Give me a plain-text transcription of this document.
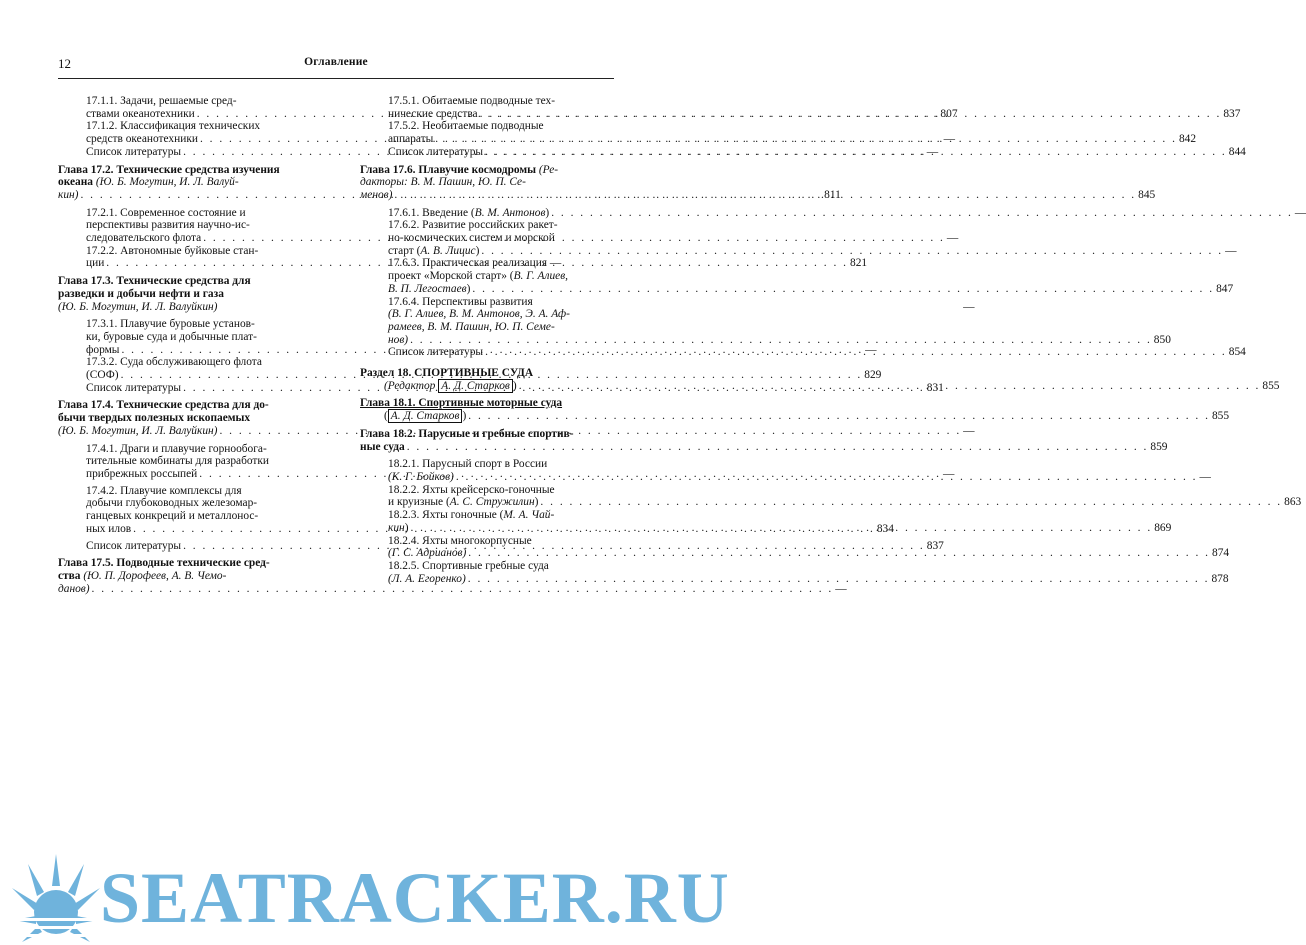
12	Оглавление
17.1.1. Задачи, решаемые сред-
ствами океанотехники . . .	807
17.1.2. Классификация технических
средств океанотехники . . .	—
Список литературы . . .	—
Глава 17.2. Технические средства изучения
океана (Ю. Б. Могутин, И. Л. Валуй-
кин) . . .	811
17.2.1. Современное состояние и
перспективы развития научно-ис-
следовательского флота . . .	—
17.2.2. Автономные буйковые стан-
ции . . .	821
Глава 17.3. Технические средства для
разведки и добычи нефти и газа
(Ю. Б. Могутин, И. Л. Валуйкин)	—
17.3.1. Плавучие буровые установ-
ки, буровые суда и добычные плат-
формы . . .	—
17.3.2. Суда обслуживающего флота
(СОФ) . . .	829
Список литературы . . .	831
Глава 17.4. Технические средства для до-
бычи твердых полезных ископаемых
(Ю. Б. Могутин, И. Л. Валуйкин) . . .	—
17.4.1. Драги и плавучие горнообога-
тительные комбинаты для разработки
прибрежных россыпей . . .	—
17.4.2. Плавучие комплексы для
добычи глубоководных железомар-
ганцевых конкреций и металлонос-
ных илов . . .	834
Список литературы . . .	837
Глава 17.5. Подводные технические сред-
ства (Ю. П. Дорофеев, А. В. Чемо-
данов) . . .	—
17.5.1. Обитаемые подводные тех-
нические средства . . .	837
17.5.2. Необитаемые подводные
аппараты . . .	842
Список литературы . . .	844
Глава 17.6. Плавучие космодромы (Ре-
дакторы: В. М. Пашин, Ю. П. Се-
менов) . . .	845
17.6.1. Введение (В. М. Антонов) . . .	—
17.6.2. Развитие российских ракет-
но-космических систем и морской
старт (А. В. Лицис) . . .	—
17.6.3. Практическая реализация —
проект «Морской старт» (В. Г. Алиев,
В. П. Легостаев) . . .	847
17.6.4. Перспективы развития
(В. Г. Алиев, В. М. Антонов, Э. А. Аф-
рамеев, В. М. Пашин, Ю. П. Семе-
нов) . . .	850
Список литературы . . .	854
Раздел 18. СПОРТИВНЫЕ СУДА
(Редактор А. Д. Старков ) . . .	855
Глава 18.1. Спортивные моторные суда
( А. Д. Старков ) . . .	855
Глава 18.2. Парусные и гребные спортив-
ные суда . . .	859
18.2.1. Парусный спорт в России
(К. Г. Бойков) . . .	—
18.2.2. Яхты крейсерско-гоночные
и круизные (А. С. Стружилин) . . .	863
18.2.3. Яхты гоночные (М. А. Чай-
кин) . . .	869
18.2.4. Яхты многокорпусные
(Г. С. Адрианов) . . .	874
18.2.5. Спортивные гребные суда
(Л. А. Егоренко) . . .	878
SEATRACKER.RU
